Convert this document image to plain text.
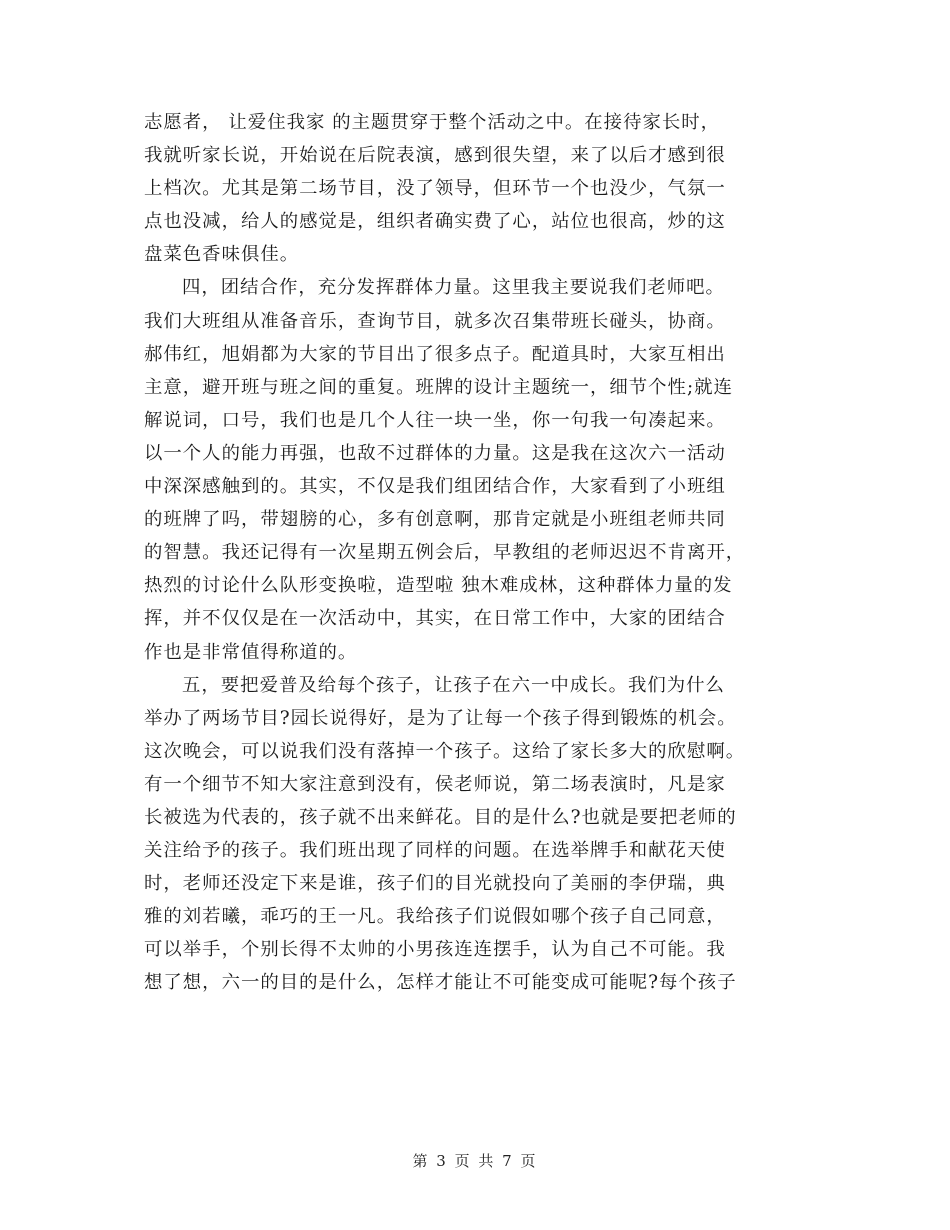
志愿者， 让爱住我家 的主题贯穿于整个活动之中。在接待家长时，
我就听家长说，开始说在后院表演，感到很失望，来了以后才感到很
上档次。尤其是第二场节目，没了领导，但环节一个也没少，气氛一
点也没减，给人的感觉是，组织者确实费了心，站位也很高，炒的这
盘菜色香味俱佳。
四，团结合作，充分发挥群体力量。这里我主要说我们老师吧。
我们大班组从准备音乐，查询节目，就多次召集带班长碰头，协商。
郝伟红，旭娟都为大家的节目出了很多点子。配道具时，大家互相出
主意，避开班与班之间的重复。班牌的设计主题统一，细节个性;就连
解说词，口号，我们也是几个人往一块一坐，你一句我一句凑起来。
以一个人的能力再强，也敌不过群体的力量。这是我在这次六一活动
中深深感触到的。其实，不仅是我们组团结合作，大家看到了小班组
的班牌了吗，带翅膀的心，多有创意啊，那肯定就是小班组老师共同
的智慧。我还记得有一次星期五例会后，早教组的老师迟迟不肯离开，
热烈的讨论什么队形变换啦，造型啦 独木难成林，这种群体力量的发
挥，并不仅仅是在一次活动中，其实，在日常工作中，大家的团结合
作也是非常值得称道的。
五，要把爱普及给每个孩子，让孩子在六一中成长。我们为什么
举办了两场节目?园长说得好，是为了让每一个孩子得到锻炼的机会。
这次晚会，可以说我们没有落掉一个孩子。这给了家长多大的欣慰啊。
有一个细节不知大家注意到没有，侯老师说，第二场表演时，凡是家
长被选为代表的，孩子就不出来鲜花。目的是什么?也就是要把老师的
关注给予的孩子。我们班出现了同样的问题。在选举牌手和献花天使
时，老师还没定下来是谁，孩子们的目光就投向了美丽的李伊瑞，典
雅的刘若曦，乖巧的王一凡。我给孩子们说假如哪个孩子自己同意，
可以举手，个别长得不太帅的小男孩连连摆手，认为自己不可能。我
想了想，六一的目的是什么，怎样才能让不可能变成可能呢?每个孩子
第 3 页 共 7 页
